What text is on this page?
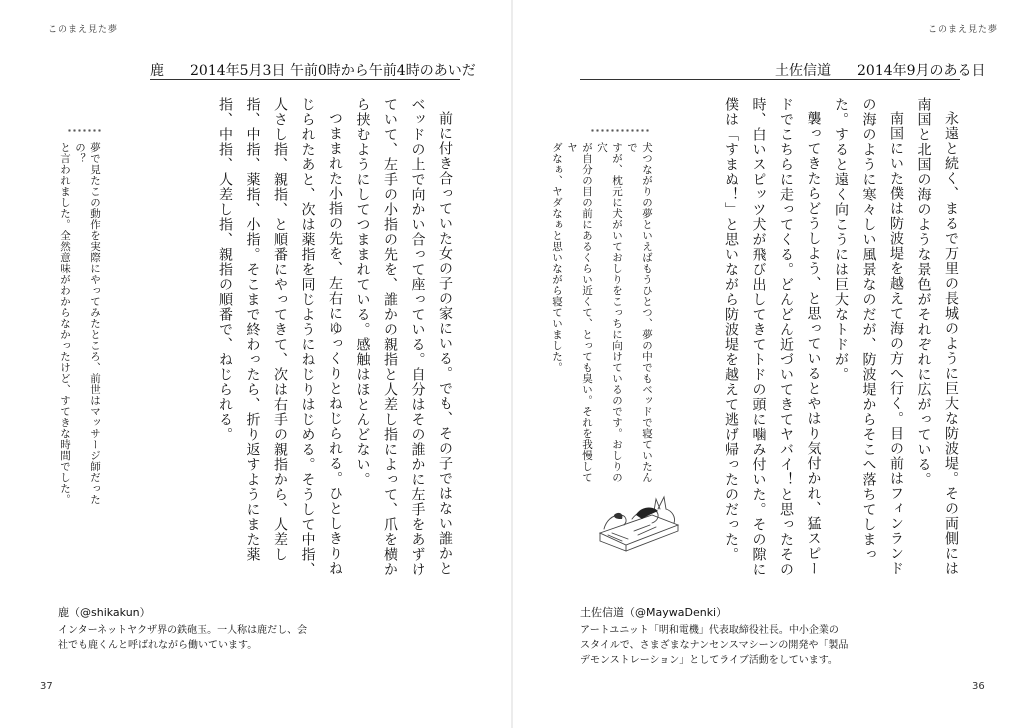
このまえ見た夢
鹿 2014年5月3日 午前0時から午前4時のあいだ

前に付き合っていた女の子の家にいる。でも、その子ではない誰かとベッドの上で向かい合って座っている。自分はその誰かに左手をあずけていて、左手の小指の先を、誰かの親指と人差し指によって、爪を横から挟むようにしてつままれている。感触はほとんどない。

つままれた小指の先を、左右にゆっくりとねじられる。ひとしきりねじられたあと、次は薬指を同じようにねじりはじめる。そうして中指、人さし指、親指、と順番にやってきて、次は右手の親指から、人差し指、中指、薬指、小指。そこまで終わったら、折り返すようにまた薬指、中指、人差し指、親指の順番で、ねじられる。

夢で見たこの動作を実際にやってみたところ、前世はマッサージ師だったの？

と言われました。全然意味がわからなかったけど、すてきな時間でした。

鹿（@shikakun）
インターネットヤクザ界の鉄砲玉。一人称は鹿だし、会
社でも鹿くんと呼ばれながら働いています。
37
このまえ見た夢
土佐信道 2014年9月のある日

永遠と続く、まるで万里の長城のように巨大な防波堤。その両側には南国と北国の海のような景色がそれぞれに広がっている。

南国にいた僕は防波堤を越えて海の方へ行く。目の前はフィンランドの海のように寒々しい風景なのだが、防波堤からそこへ落ちてしまった。すると遠く向こうには巨大なトドが。

襲ってきたらどうしよう、と思っているとやはり気付かれ、猛スピードでこちらに走ってくる。どんどん近づいてきてヤバイ！と思ったその時、白いスピッツ犬が飛び出してきてトドの頭に噛み付いた。その隙に僕は「すまぬ！」と思いながら防波堤を越えて逃げ帰ったのだった。

犬つながりの夢といえばもうひとつ、夢の中でもベッドで寝ていたんで

すが、枕元に犬がいておしりをこっちに向けているのです。おしりの穴

が自分の目の前にあるくらい近くて、とっても臭い。それを我慢してヤ

ダなぁ、ヤダなぁと思いながら寝ていました。

土佐信道（@MaywaDenki）
アートユニット「明和電機」代表取締役社長。中小企業の
スタイルで、さまざまなナンセンスマシーンの開発や「製品
デモンストレーション」としてライブ活動をしています。
36
